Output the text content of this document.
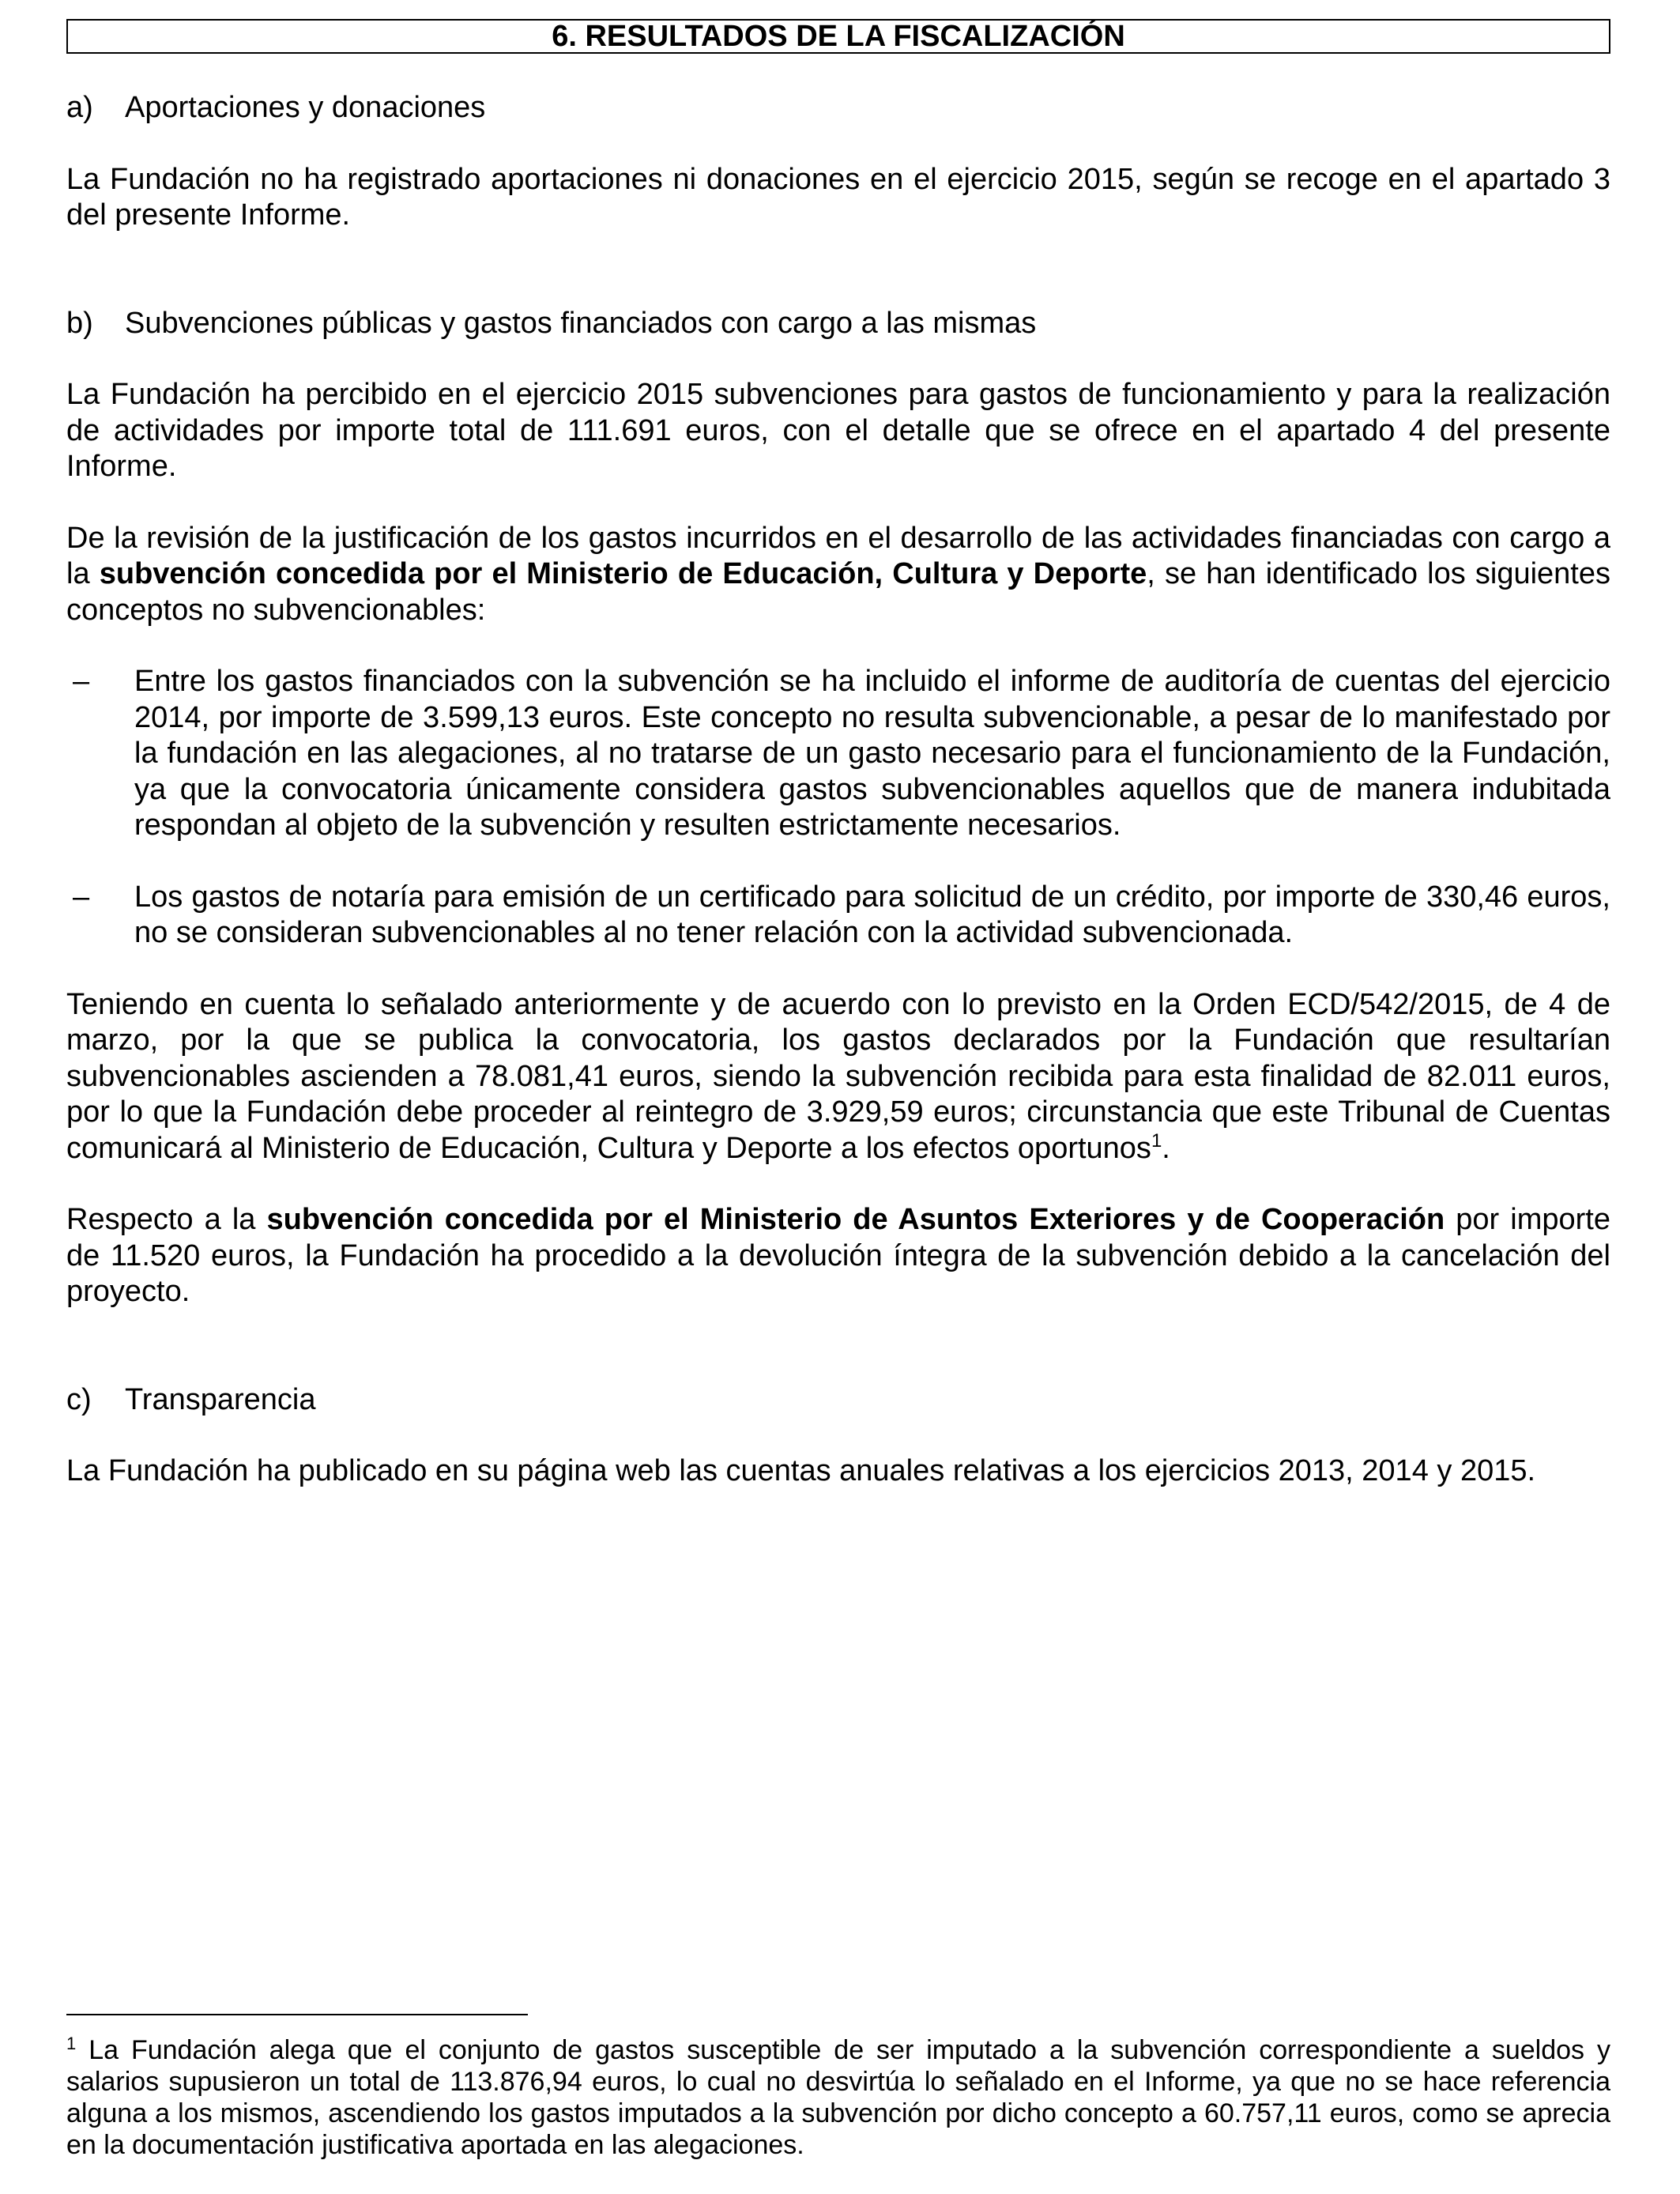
6. RESULTADOS DE LA FISCALIZACIÓN
a)	Aportaciones y donaciones

La Fundación no ha registrado aportaciones ni donaciones en el ejercicio 2015, según se recoge en el apartado 3 del presente Informe.

b)	Subvenciones públicas y gastos financiados con cargo a las mismas

La Fundación ha percibido en el ejercicio 2015 subvenciones para gastos de funcionamiento y para la realización de actividades por importe total de 111.691 euros, con el detalle que se ofrece en el apartado 4 del presente Informe.

De la revisión de la justificación de los gastos incurridos en el desarrollo de las actividades financiadas con cargo a la subvención concedida por el Ministerio de Educación, Cultura y Deporte, se han identificado los siguientes conceptos no subvencionables:

–	Entre los gastos financiados con la subvención se ha incluido el informe de auditoría de cuentas del ejercicio 2014, por importe de 3.599,13 euros. Este concepto no resulta subvencionable, a pesar de lo manifestado por la fundación en las alegaciones, al no tratarse de un gasto necesario para el funcionamiento de la Fundación, ya que la convocatoria únicamente considera gastos subvencionables aquellos que de manera indubitada respondan al objeto de la subvención y resulten estrictamente necesarios.
–	Los gastos de notaría para emisión de un certificado para solicitud de un crédito, por importe de 330,46 euros, no se consideran subvencionables al no tener relación con la actividad subvencionada.

Teniendo en cuenta lo señalado anteriormente y de acuerdo con lo previsto en la Orden ECD/542/2015, de 4 de marzo, por la que se publica la convocatoria, los gastos declarados por la Fundación que resultarían subvencionables ascienden a 78.081,41 euros, siendo la subvención recibida para esta finalidad de 82.011 euros, por lo que la Fundación debe proceder al reintegro de 3.929,59 euros; circunstancia que este Tribunal de Cuentas comunicará al Ministerio de Educación, Cultura y Deporte a los efectos oportunos$^1$.

Respecto a la subvención concedida por el Ministerio de Asuntos Exteriores y de Cooperación por importe de 11.520 euros, la Fundación ha procedido a la devolución íntegra de la subvención debido a la cancelación del proyecto.

c)	Transparencia

La Fundación ha publicado en su página web las cuentas anuales relativas a los ejercicios 2013, 2014 y 2015.

$^1$ La Fundación alega que el conjunto de gastos susceptible de ser imputado a la subvención correspondiente a sueldos y salarios supusieron un total de 113.876,94 euros, lo cual no desvirtúa lo señalado en el Informe, ya que no se hace referencia alguna a los mismos, ascendiendo los gastos imputados a la subvención por dicho concepto a 60.757,11 euros, como se aprecia en la documentación justificativa aportada en las alegaciones.
